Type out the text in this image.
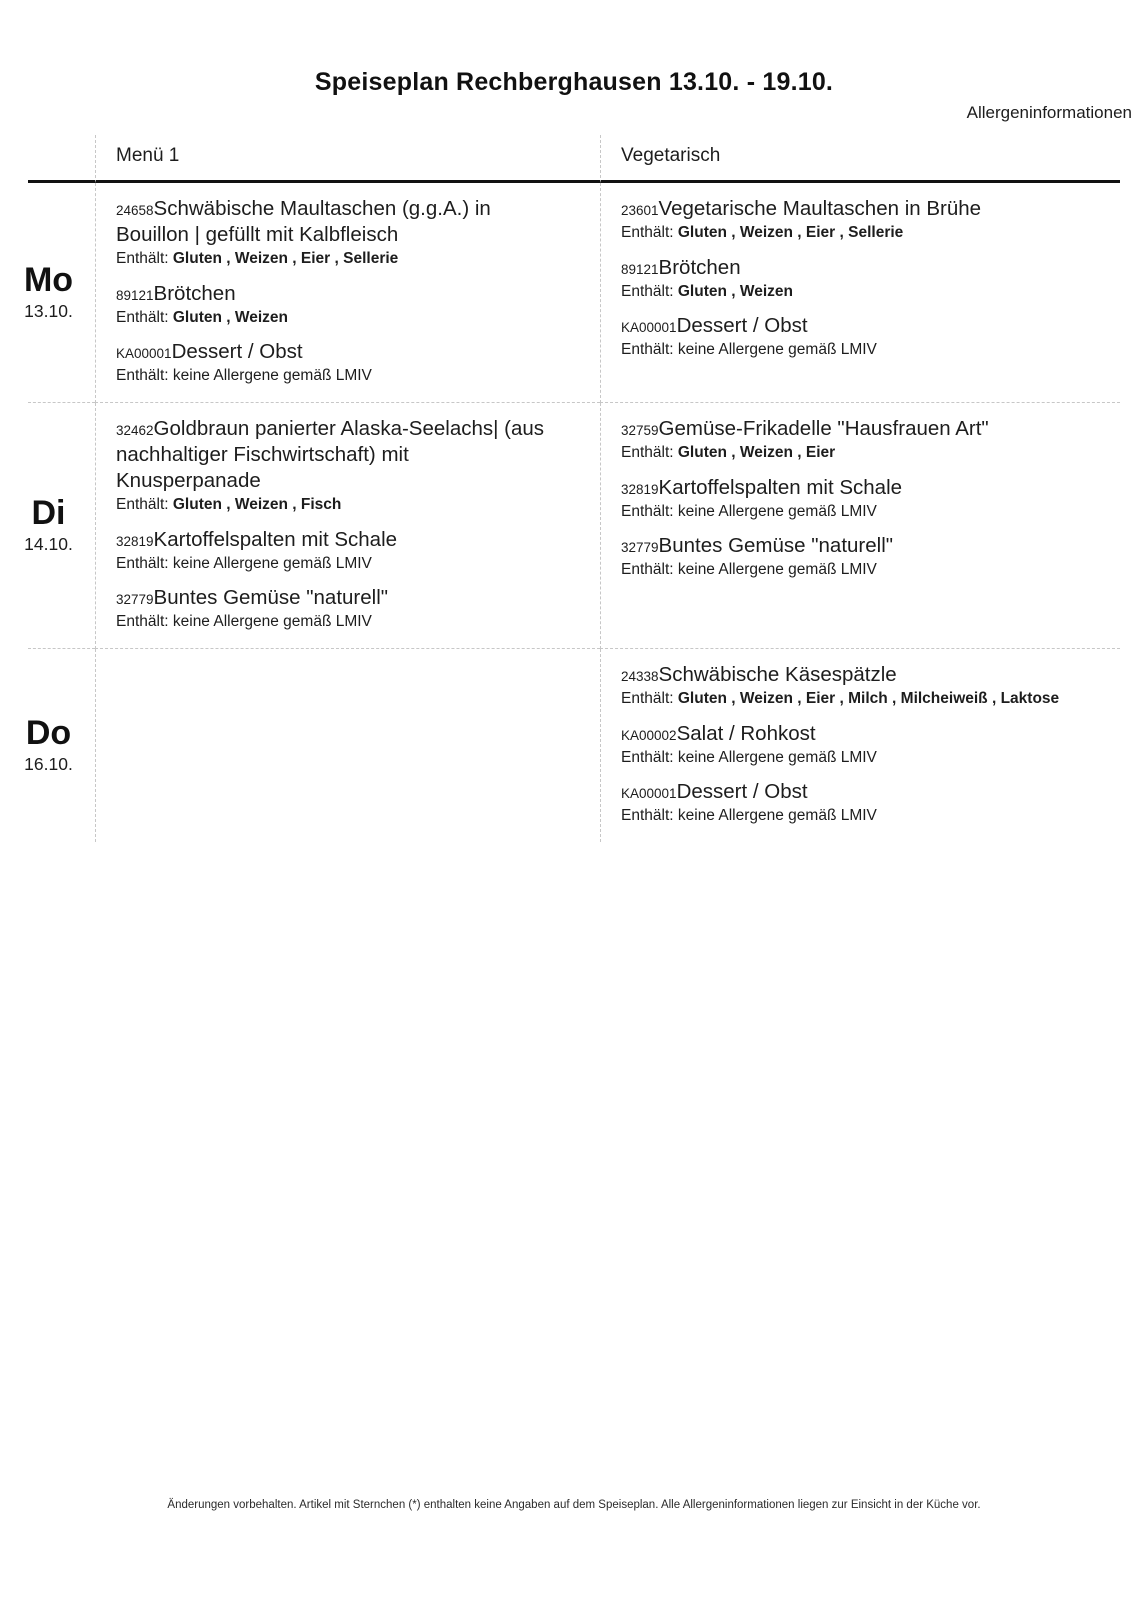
Speiseplan Rechberghausen 13.10. - 19.10.
Allergeninformationen
Menü 1	Vegetarisch
Mo
13.10.
24658Schwäbische Maultaschen (g.g.A.) in Bouillon | gefüllt mit Kalbfleisch
Enthält: Gluten , Weizen , Eier , Sellerie
89121Brötchen
Enthält: Gluten , Weizen
KA00001Dessert / Obst
Enthält: keine Allergene gemäß LMIV
23601Vegetarische Maultaschen in Brühe
Enthält: Gluten , Weizen , Eier , Sellerie
89121Brötchen
Enthält: Gluten , Weizen
KA00001Dessert / Obst
Enthält: keine Allergene gemäß LMIV
Di
14.10.
32462Goldbraun panierter Alaska-Seelachs| (aus nachhaltiger Fischwirtschaft) mit Knusperpanade
Enthält: Gluten , Weizen , Fisch
32819Kartoffelspalten mit Schale
Enthält: keine Allergene gemäß LMIV
32779Buntes Gemüse "naturell"
Enthält: keine Allergene gemäß LMIV
32759Gemüse-Frikadelle "Hausfrauen Art"
Enthält: Gluten , Weizen , Eier
32819Kartoffelspalten mit Schale
Enthält: keine Allergene gemäß LMIV
32779Buntes Gemüse "naturell"
Enthält: keine Allergene gemäß LMIV
Do
16.10.
24338Schwäbische Käsespätzle
Enthält: Gluten , Weizen , Eier , Milch , Milcheiweiß , Laktose
KA00002Salat / Rohkost
Enthält: keine Allergene gemäß LMIV
KA00001Dessert / Obst
Enthält: keine Allergene gemäß LMIV
Änderungen vorbehalten. Artikel mit Sternchen (*) enthalten keine Angaben auf dem Speiseplan. Alle Allergeninformationen liegen zur Einsicht in der Küche vor.
